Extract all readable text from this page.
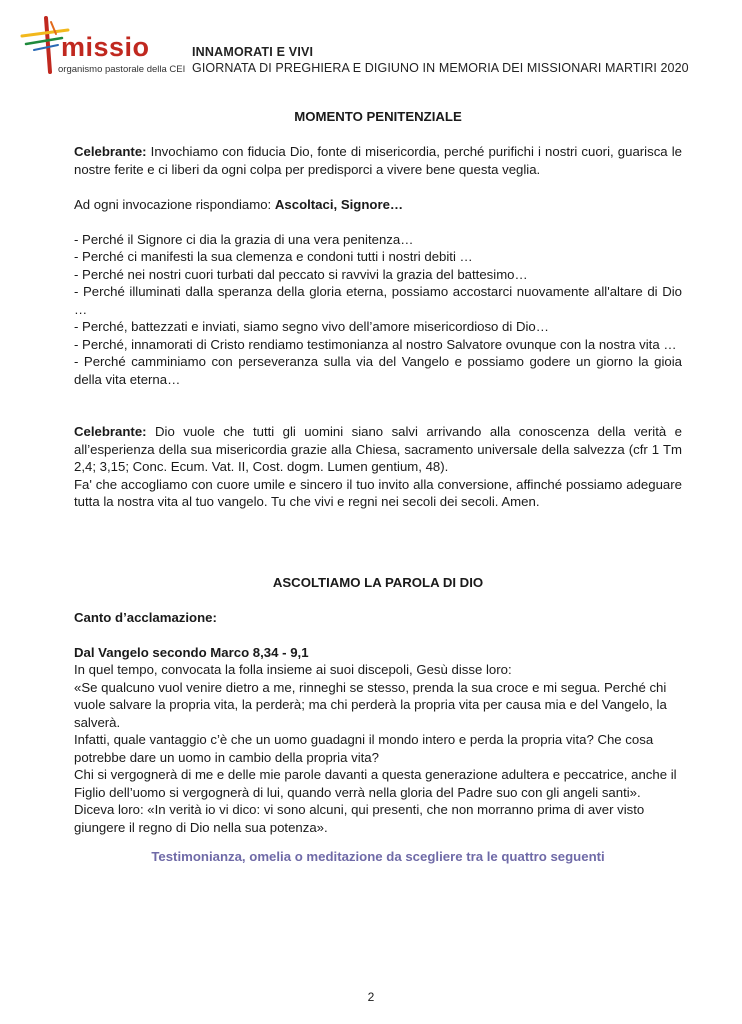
missio
organismo pastorale della CEI
INNAMORATI E VIVI
GIORNATA DI PREGHIERA E DIGIUNO IN MEMORIA DEI MISSIONARI MARTIRI 2020

MOMENTO PENITENZIALE

Celebrante: Invochiamo con fiducia Dio, fonte di misericordia, perché purifichi i nostri cuori, guarisca le nostre ferite e ci liberi da ogni colpa per predisporci a vivere bene questa veglia.

Ad ogni invocazione rispondiamo: Ascoltaci, Signore…

- Perché il Signore ci dia la grazia di una vera penitenza…

- Perché ci manifesti la sua clemenza e condoni tutti i nostri debiti …

- Perché nei nostri cuori turbati dal peccato si ravvivi la grazia del battesimo…

- Perché illuminati dalla speranza della gloria eterna, possiamo accostarci nuovamente all'altare di Dio …

- Perché, battezzati e inviati, siamo segno vivo dell’amore misericordioso di Dio…

- Perché, innamorati di Cristo rendiamo testimonianza al nostro Salvatore ovunque con la nostra vita …

- Perché camminiamo con perseveranza sulla via del Vangelo e possiamo godere un giorno la gioia della vita eterna…

Celebrante: Dio vuole che tutti gli uomini siano salvi arrivando alla conoscenza della verità e all’esperienza della sua misericordia grazie alla Chiesa, sacramento universale della salvezza (cfr 1 Tm 2,4; 3,15; Conc. Ecum. Vat. II, Cost. dogm. Lumen gentium, 48).

Fa' che accogliamo con cuore umile e sincero il tuo invito alla conversione, affinché possiamo adeguare tutta la nostra vita al tuo vangelo. Tu che vivi e regni nei secoli dei secoli. Amen.

ASCOLTIAMO LA PAROLA DI DIO

Canto d’acclamazione:

Dal Vangelo secondo Marco 8,34 - 9,1

In quel tempo, convocata la folla insieme ai suoi discepoli, Gesù disse loro:

«Se qualcuno vuol venire dietro a me, rinneghi se stesso, prenda la sua croce e mi segua. Perché chi vuole salvare la propria vita, la perderà; ma chi perderà la propria vita per causa mia e del Vangelo, la salverà.

Infatti, quale vantaggio c’è che un uomo guadagni il mondo intero e perda la propria vita? Che cosa potrebbe dare un uomo in cambio della propria vita?

Chi si vergognerà di me e delle mie parole davanti a questa generazione adultera e peccatrice, anche il Figlio dell’uomo si vergognerà di lui, quando verrà nella gloria del Padre suo con gli angeli santi».

Diceva loro: «In verità io vi dico: vi sono alcuni, qui presenti, che non morranno prima di aver visto giungere il regno di Dio nella sua potenza».

Testimonianza, omelia o meditazione da scegliere tra le quattro seguenti

2
